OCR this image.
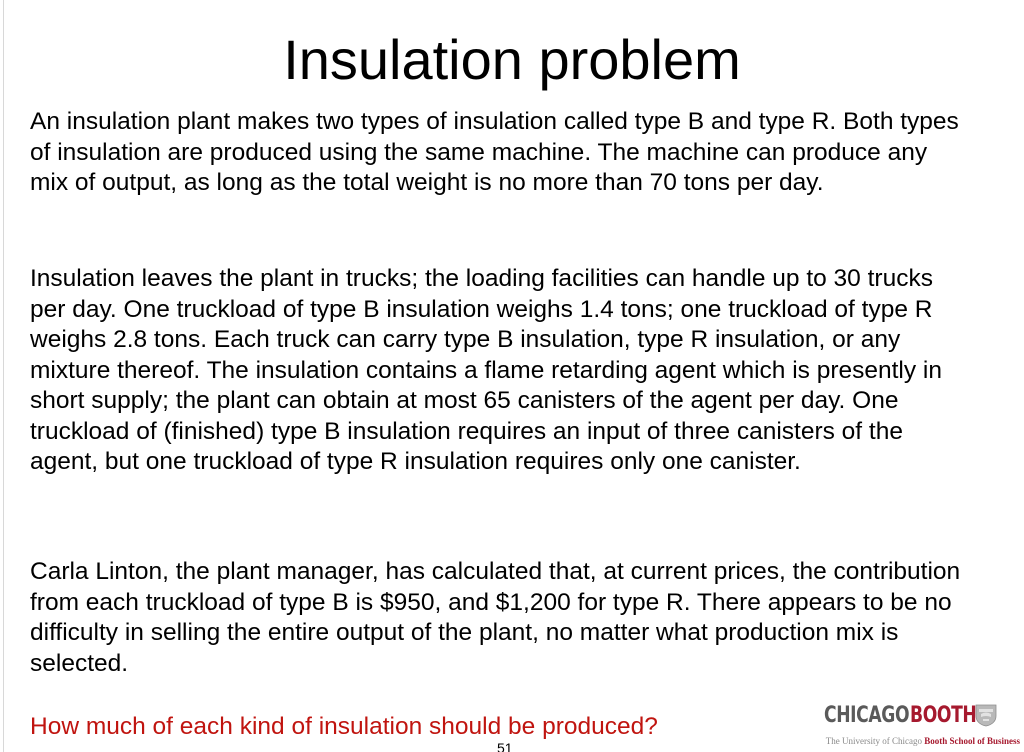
Insulation problem

An insulation plant makes two types of insulation called type B and type R. Both types of insulation are produced using the same machine. The machine can produce any mix of output, as long as the total weight is no more than 70 tons per day.

Insulation leaves the plant in trucks; the loading facilities can handle up to 30 trucks per day. One truckload of type B insulation weighs 1.4 tons; one truckload of type R weighs 2.8 tons. Each truck can carry type B insulation, type R insulation, or any mixture thereof. The insulation contains a flame retarding agent which is presently in short supply; the plant can obtain at most 65 canisters of the agent per day. One truckload of (finished) type B insulation requires an input of three canisters of the agent, but one truckload of type R insulation requires only one canister.

Carla Linton, the plant manager, has calculated that, at current prices, the contribution from each truckload of type B is $950, and $1,200 for type R. There appears to be no difficulty in selling the entire output of the plant, no matter what production mix is selected.

How much of each kind of insulation should be produced?

51
CHICAGO BOOTH
The University of Chicago Booth School of Business
